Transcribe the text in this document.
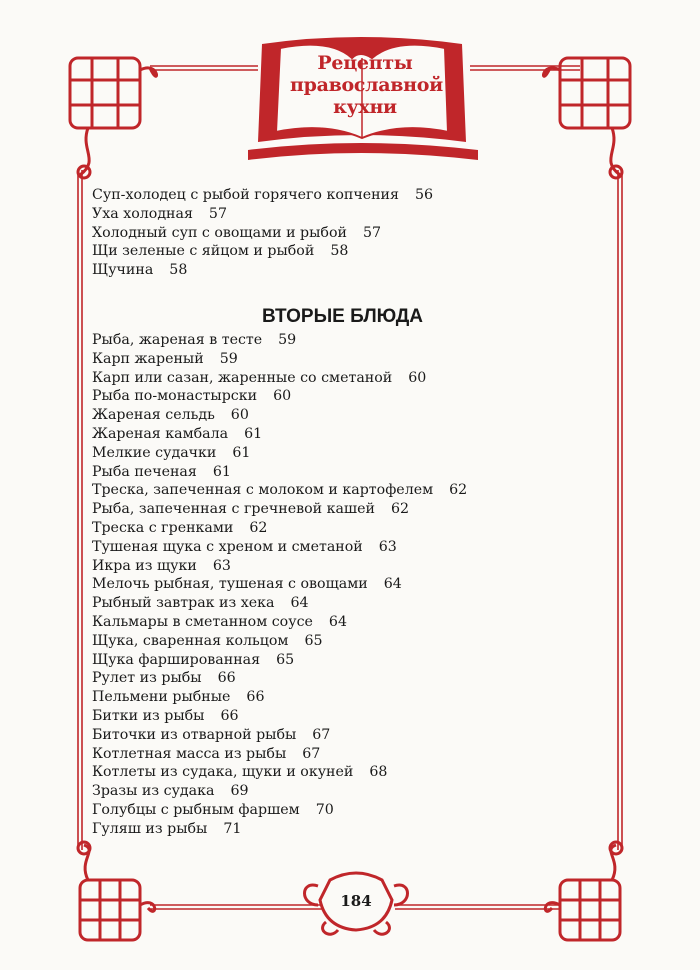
Рецепты
православной
кухни
Суп-холодец с рыбой горячего копчения 56
Уха холодная 57
Холодный суп с овощами и рыбой 57
Щи зеленые с яйцом и рыбой 58
Щучина 58
ВТОРЫЕ БЛЮДА
Рыба, жареная в тесте 59
Карп жареный 59
Карп или сазан, жаренные со сметаной 60
Рыба по-монастырски 60
Жареная сельдь 60
Жареная камбала 61
Мелкие судачки 61
Рыба печеная 61
Треска, запеченная с молоком и картофелем 62
Рыба, запеченная с гречневой кашей 62
Треска с гренками 62
Тушеная щука с хреном и сметаной 63
Икра из щуки 63
Мелочь рыбная, тушеная с овощами 64
Рыбный завтрак из хека 64
Кальмары в сметанном соусе 64
Щука, сваренная кольцом 65
Щука фаршированная 65
Рулет из рыбы 66
Пельмени рыбные 66
Битки из рыбы 66
Биточки из отварной рыбы 67
Котлетная масса из рыбы 67
Котлеты из судака, щуки и окуней 68
Зразы из судака 69
Голубцы с рыбным фаршем 70
Гуляш из рыбы 71
184
